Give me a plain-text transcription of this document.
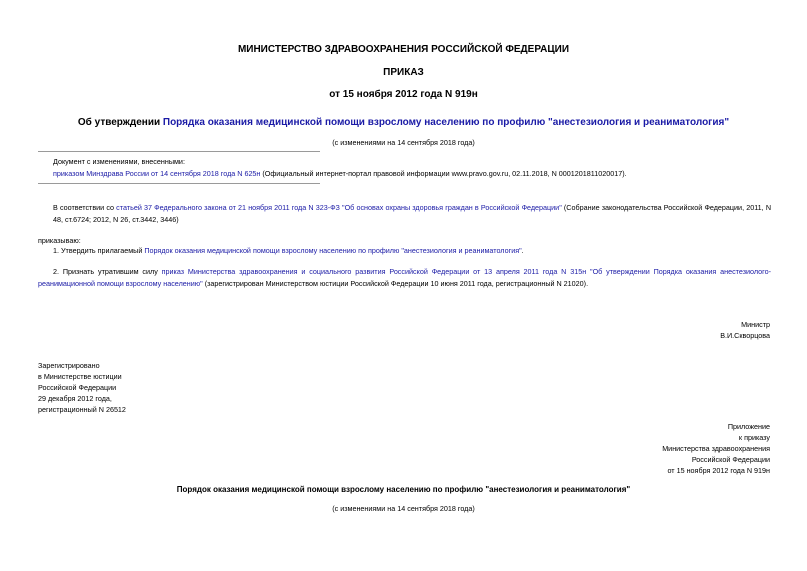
МИНИСТЕРСТВО ЗДРАВООХРАНЕНИЯ РОССИЙСКОЙ ФЕДЕРАЦИИ
ПРИКАЗ
от 15 ноября 2012 года N 919н
Об утверждении Порядка оказания медицинской помощи взрослому населению по профилю "анестезиология и реаниматология"
(с изменениями на 14 сентября 2018 года)
Документ с изменениями, внесенными:
приказом Минздрава России от 14 сентября 2018 года N 625н (Официальный интернет-портал правовой информации www.pravo.gov.ru, 02.11.2018, N 0001201811020017).
В соответствии со статьей 37 Федерального закона от 21 ноября 2011 года N 323-ФЗ "Об основах охраны здоровья граждан в Российской Федерации" (Собрание законодательства Российской Федерации, 2011, N 48, ст.6724; 2012, N 26, ст.3442, 3446)
приказываю:
1. Утвердить прилагаемый Порядок оказания медицинской помощи взрослому населению по профилю "анестезиология и реаниматология".
2. Признать утратившим силу приказ Министерства здравоохранения и социального развития Российской Федерации от 13 апреля 2011 года N 315н "Об утверждении Порядка оказания анестезиолого-реанимационной помощи взрослому населению" (зарегистрирован Министерством юстиции Российской Федерации 10 июня 2011 года, регистрационный N 21020).
Министр
В.И.Скворцова
Зарегистрировано
в Министерстве юстиции
Российской Федерации
29 декабря 2012 года,
регистрационный N 26512
Приложение
к приказу
Министерства здравоохранения
Российской Федерации
от 15 ноября 2012 года N 919н
Порядок оказания медицинской помощи взрослому населению по профилю "анестезиология и реаниматология"
(с изменениями на 14 сентября 2018 года)
